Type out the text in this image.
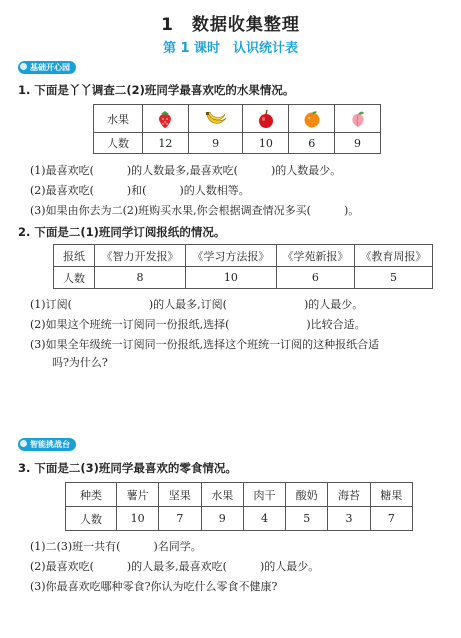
1　数据收集整理
第 1 课时　认识统计表
基础开心园
1. 下面是丫丫调查二(2)班同学最喜欢吃的水果情况。
水果					
人数	12	9	10	6	9
(1)最喜欢吃(　　　)的人数最多,最喜欢吃(　　　)的人数最少。
(2)最喜欢吃(　　　)和(　　　)的人数相等。
(3)如果由你去为二(2)班购买水果,你会根据调查情况多买(　　　)。
2. 下面是二(1)班同学订阅报纸的情况。
报纸	《智力开发报》	《学习方法报》	《学苑新报》	《教育周报》
人数	8	10	6	5
(1)订阅(　　　　　　　)的人最多,订阅(　　　　　　　)的人最少。
(2)如果这个班统一订阅同一份报纸,选择(　　　　　　　)比较合适。
(3)如果全年级统一订阅同一份报纸,选择这个班统一订阅的这种报纸合适
　　吗?为什么?
智能挑战台
3. 下面是二(3)班同学最喜欢的零食情况。
种类	薯片	坚果	水果	肉干	酸奶	海苔	糖果
人数	10	7	9	4	5	3	7
(1)二(3)班一共有(　　　)名同学。
(2)最喜欢吃(　　　)的人最多,最喜欢吃(　　　)的人最少。
(3)你最喜欢吃哪种零食?你认为吃什么零食不健康?
